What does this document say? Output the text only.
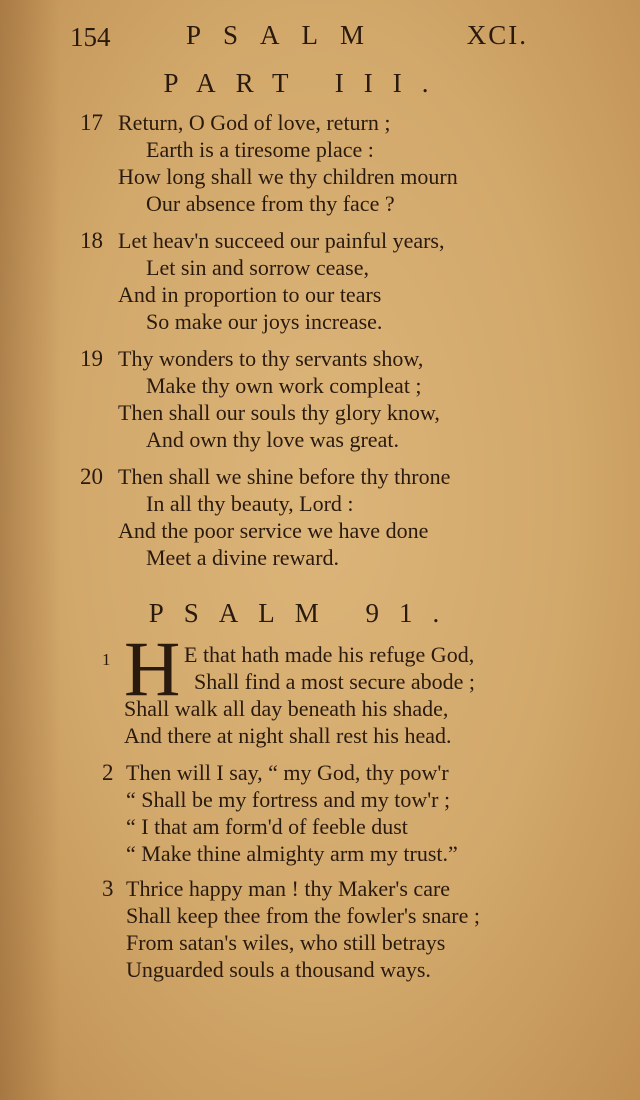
154	PSALM	XCI.
PART III.
17 Return, O God of love, return ;
Earth is a tiresome place :
How long shall we thy children mourn
Our absence from thy face ?
18 Let heav'n succeed our painful years,
Let sin and sorrow cease,
And in proportion to our tears
So make our joys increase.
19 Thy wonders to thy servants show,
Make thy own work compleat ;
Then shall our souls thy glory know,
And own thy love was great.
20 Then shall we shine before thy throne
In all thy beauty, Lord :
And the poor service we have done
Meet a divine reward.
PSALM 91.
1 H E that hath made his refuge God,
Shall find a most secure abode ;
Shall walk all day beneath his shade,
And there at night shall rest his head.
2 Then will I say, “ my God, thy pow'r
“ Shall be my fortress and my tow'r ;
“ I that am form'd of feeble dust
“ Make thine almighty arm my trust.”
3 Thrice happy man ! thy Maker's care
Shall keep thee from the fowler's snare ;
From satan's wiles, who still betrays
Unguarded souls a thousand ways.
